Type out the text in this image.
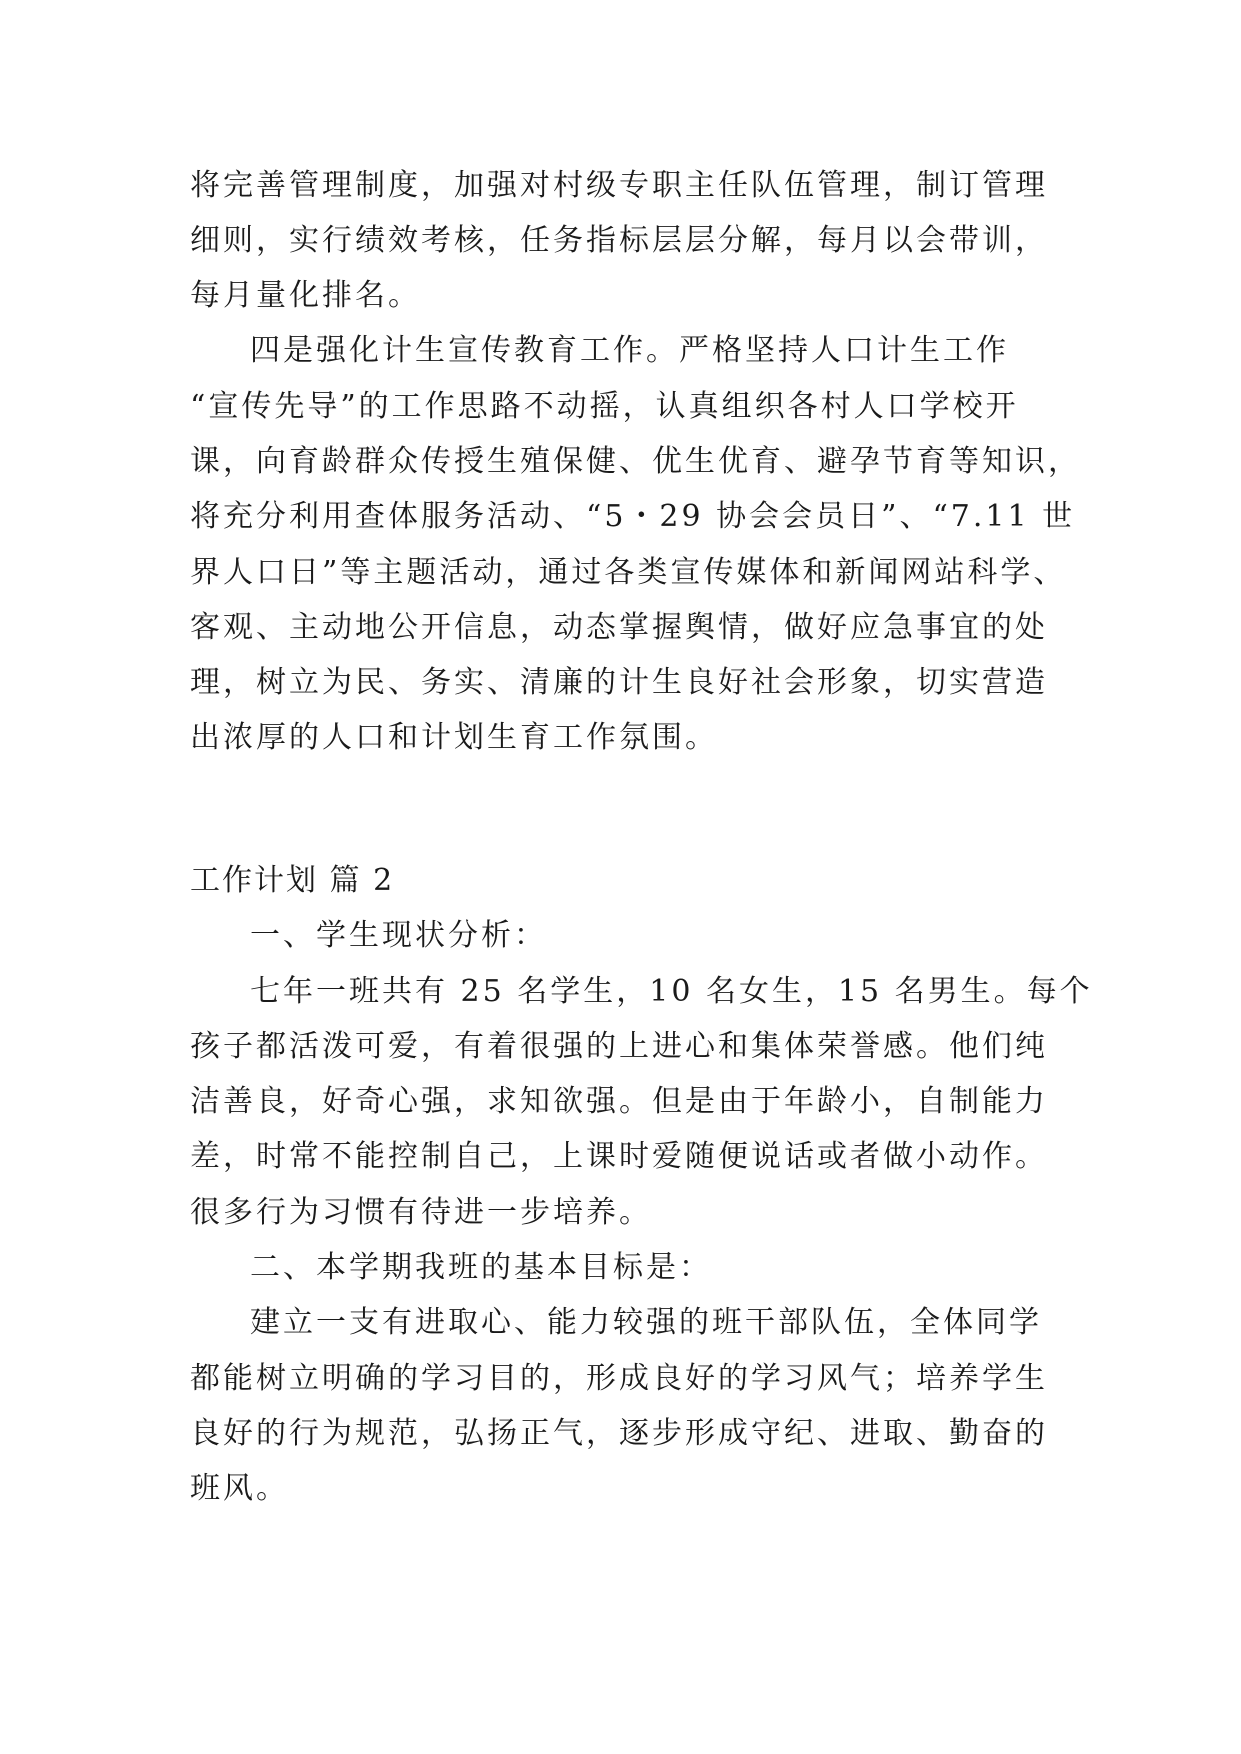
将完善管理制度，加强对村级专职主任队伍管理，制订管理
细则，实行绩效考核，任务指标层层分解，每月以会带训，
每月量化排名。
四是强化计生宣传教育工作。严格坚持人口计生工作
“宣传先导”的工作思路不动摇，认真组织各村人口学校开
课，向育龄群众传授生殖保健、优生优育、避孕节育等知识，
将充分利用查体服务活动、“5・29 协会会员日”、“7.11 世
界人口日”等主题活动，通过各类宣传媒体和新闻网站科学、
客观、主动地公开信息，动态掌握舆情，做好应急事宜的处
理，树立为民、务实、清廉的计生良好社会形象，切实营造
出浓厚的人口和计划生育工作氛围。
工作计划 篇 2
一、学生现状分析：
七年一班共有 25 名学生，10 名女生，15 名男生。每个
孩子都活泼可爱，有着很强的上进心和集体荣誉感。他们纯
洁善良，好奇心强，求知欲强。但是由于年龄小，自制能力
差，时常不能控制自己，上课时爱随便说话或者做小动作。
很多行为习惯有待进一步培养。
二、本学期我班的基本目标是：
建立一支有进取心、能力较强的班干部队伍，全体同学
都能树立明确的学习目的，形成良好的学习风气；培养学生
良好的行为规范，弘扬正气，逐步形成守纪、进取、勤奋的
班风。
